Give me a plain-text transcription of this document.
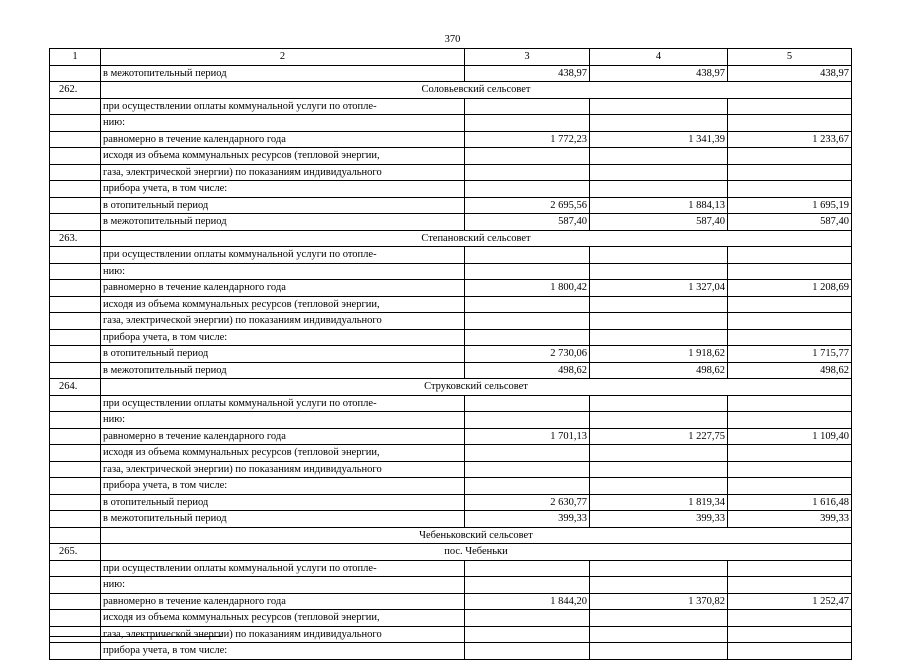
370
1	2	3	4	5
	в межотопительный период	438,97	438,97	438,97
262.	Соловьевский сельсовет			
	при осуществлении оплаты коммунальной услуги по отопле-			
	нию:			
	равномерно в течение календарного года	1 772,23	1 341,39	1 233,67
	исходя из объема коммунальных ресурсов (тепловой энергии,			
	газа, электрической энергии) по показаниям индивидуального			
	прибора учета, в том числе:			
	в отопительный период	2 695,56	1 884,13	1 695,19
	в межотопительный период	587,40	587,40	587,40
263.	Степановский сельсовет			
	при осуществлении оплаты коммунальной услуги по отопле-			
	нию:			
	равномерно в течение календарного года	1 800,42	1 327,04	1 208,69
	исходя из объема коммунальных ресурсов (тепловой энергии,			
	газа, электрической энергии) по показаниям индивидуального			
	прибора учета, в том числе:			
	в отопительный период	2 730,06	1 918,62	1 715,77
	в межотопительный период	498,62	498,62	498,62
264.	Струковский сельсовет			
	при осуществлении оплаты коммунальной услуги по отопле-			
	нию:			
	равномерно в течение календарного года	1 701,13	1 227,75	1 109,40
	исходя из объема коммунальных ресурсов (тепловой энергии,			
	газа, электрической энергии) по показаниям индивидуального			
	прибора учета, в том числе:			
	в отопительный период	2 630,77	1 819,34	1 616,48
	в межотопительный период	399,33	399,33	399,33
	Чебеньковский сельсовет			
265.	пос. Чебеньки			
	при осуществлении оплаты коммунальной услуги по отопле-			
	нию:			
	равномерно в течение календарного года	1 844,20	1 370,82	1 252,47
	исходя из объема коммунальных ресурсов (тепловой энергии,			
	газа, электрической энергии) по показаниям индивидуального			
	прибора учета, в том числе:			
